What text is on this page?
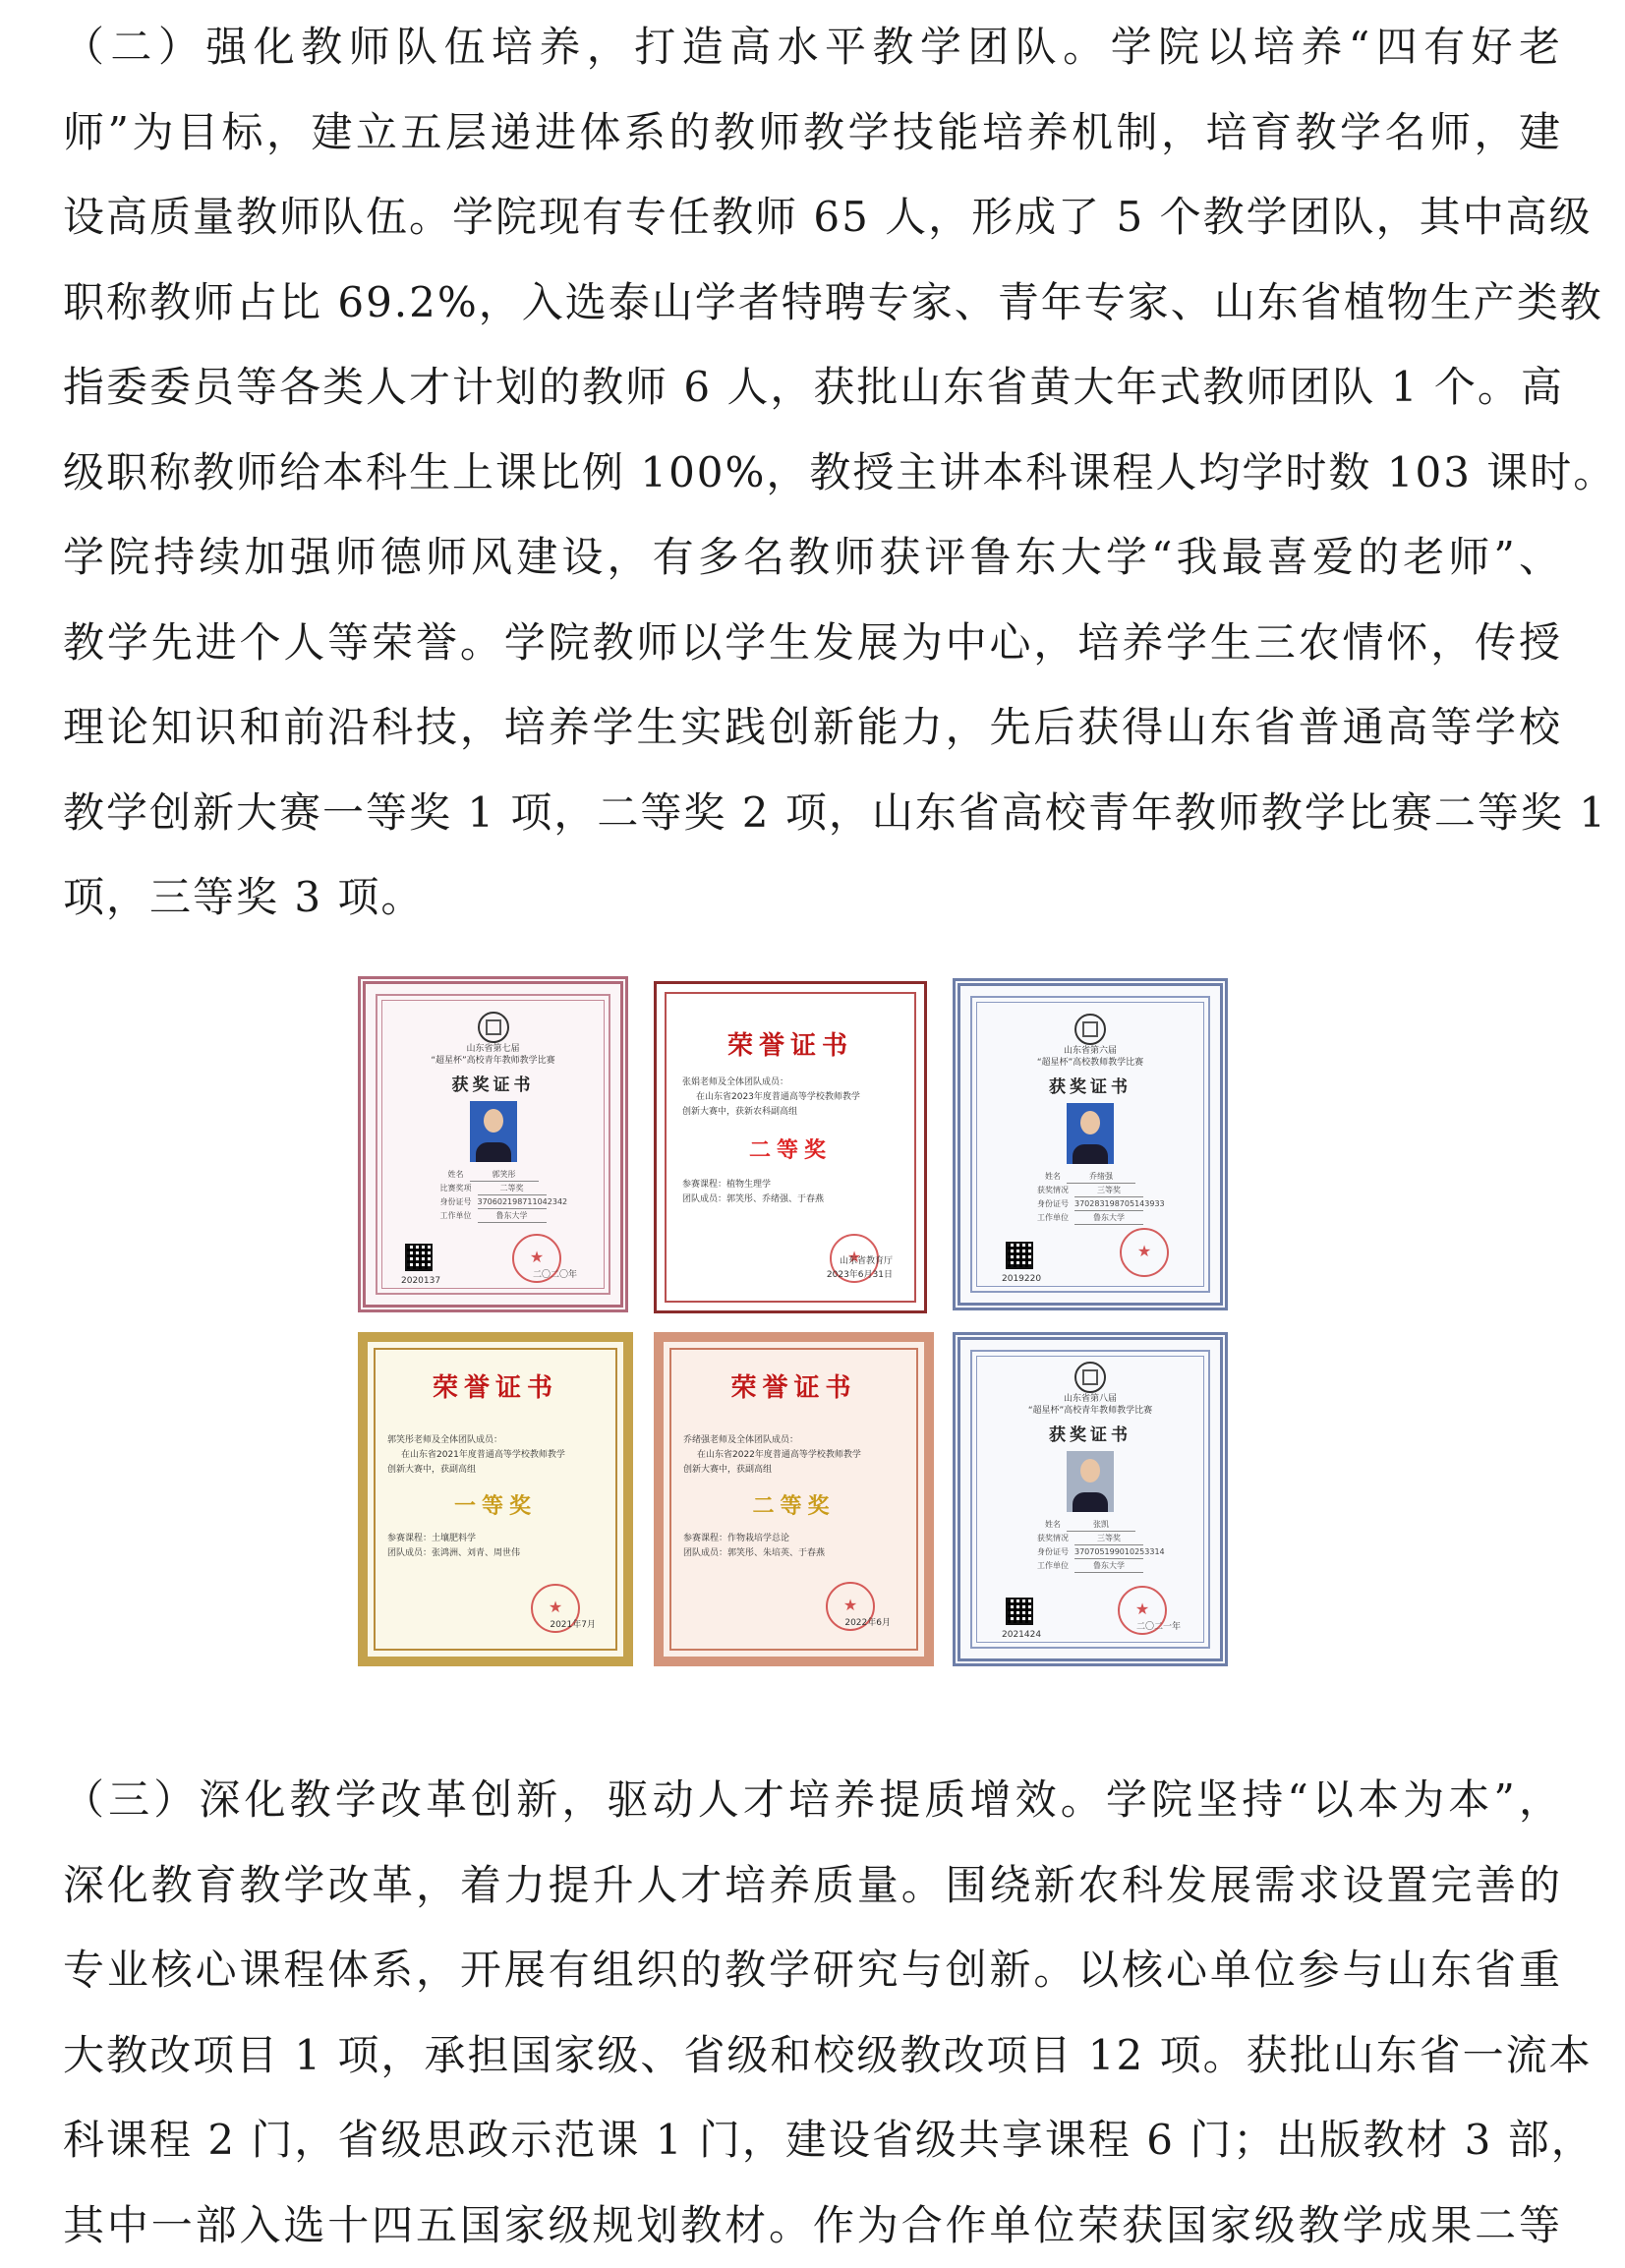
（二）强化教师队伍培养，打造高水平教学团队。学院以培养“四有好老
师”为目标，建立五层递进体系的教师教学技能培养机制，培育教学名师，建
设高质量教师队伍。学院现有专任教师 65 人，形成了 5 个教学团队，其中高级
职称教师占比 69.2%，入选泰山学者特聘专家、青年专家、山东省植物生产类教
指委委员等各类人才计划的教师 6 人，获批山东省黄大年式教师团队 1 个。高
级职称教师给本科生上课比例 100%，教授主讲本科课程人均学时数 103 课时。
学院持续加强师德师风建设，有多名教师获评鲁东大学“我最喜爱的老师”、
教学先进个人等荣誉。学院教师以学生发展为中心，培养学生三农情怀，传授
理论知识和前沿科技，培养学生实践创新能力，先后获得山东省普通高等学校
教学创新大赛一等奖 1 项，二等奖 2 项，山东省高校青年教师教学比赛二等奖 1
项，三等奖 3 项。
山东省第七届
“超星杯”高校青年教师教学比赛
获奖证书
姓名	郭笑彤
比赛奖项	二等奖
身份证号 370602198711042342
工作单位	鲁东大学
2020137
★
二〇二〇年
荣誉证书
张娟老师及全体团队成员：
在山东省2023年度普通高等学校教师教学
创新大赛中，获新农科副高组
二等奖
参赛课程：植物生理学
团队成员：郭笑彤、乔绪强、于春燕
★
山东省教育厅
2023年6月31日
山东省第六届
“超星杯”高校教师教学比赛
获奖证书
姓名	乔绪强
获奖情况	三等奖
身份证号 370283198705143933
工作单位	鲁东大学
2019220
★
荣誉证书
郭笑彤老师及全体团队成员：
在山东省2021年度普通高等学校教师教学
创新大赛中，获副高组
一等奖
参赛课程：土壤肥料学
团队成员：张鸿洲、刘青、周世伟
★
2021年7月
荣誉证书
乔绪强老师及全体团队成员：
在山东省2022年度普通高等学校教师教学
创新大赛中，获副高组
二等奖
参赛课程：作物栽培学总论
团队成员：郭笑彤、朱培英、于春燕
★
2022年6月
山东省第八届
“超星杯”高校青年教师教学比赛
获奖证书
姓名	张凯
获奖情况	三等奖
身份证号 370705199010253314
工作单位	鲁东大学
2021424
★
二〇二一年
（三）深化教学改革创新，驱动人才培养提质增效。学院坚持“以本为本”，
深化教育教学改革，着力提升人才培养质量。围绕新农科发展需求设置完善的
专业核心课程体系，开展有组织的教学研究与创新。以核心单位参与山东省重
大教改项目 1 项，承担国家级、省级和校级教改项目 12 项。获批山东省一流本
科课程 2 门，省级思政示范课 1 门，建设省级共享课程 6 门；出版教材 3 部，
其中一部入选十四五国家级规划教材。作为合作单位荣获国家级教学成果二等
